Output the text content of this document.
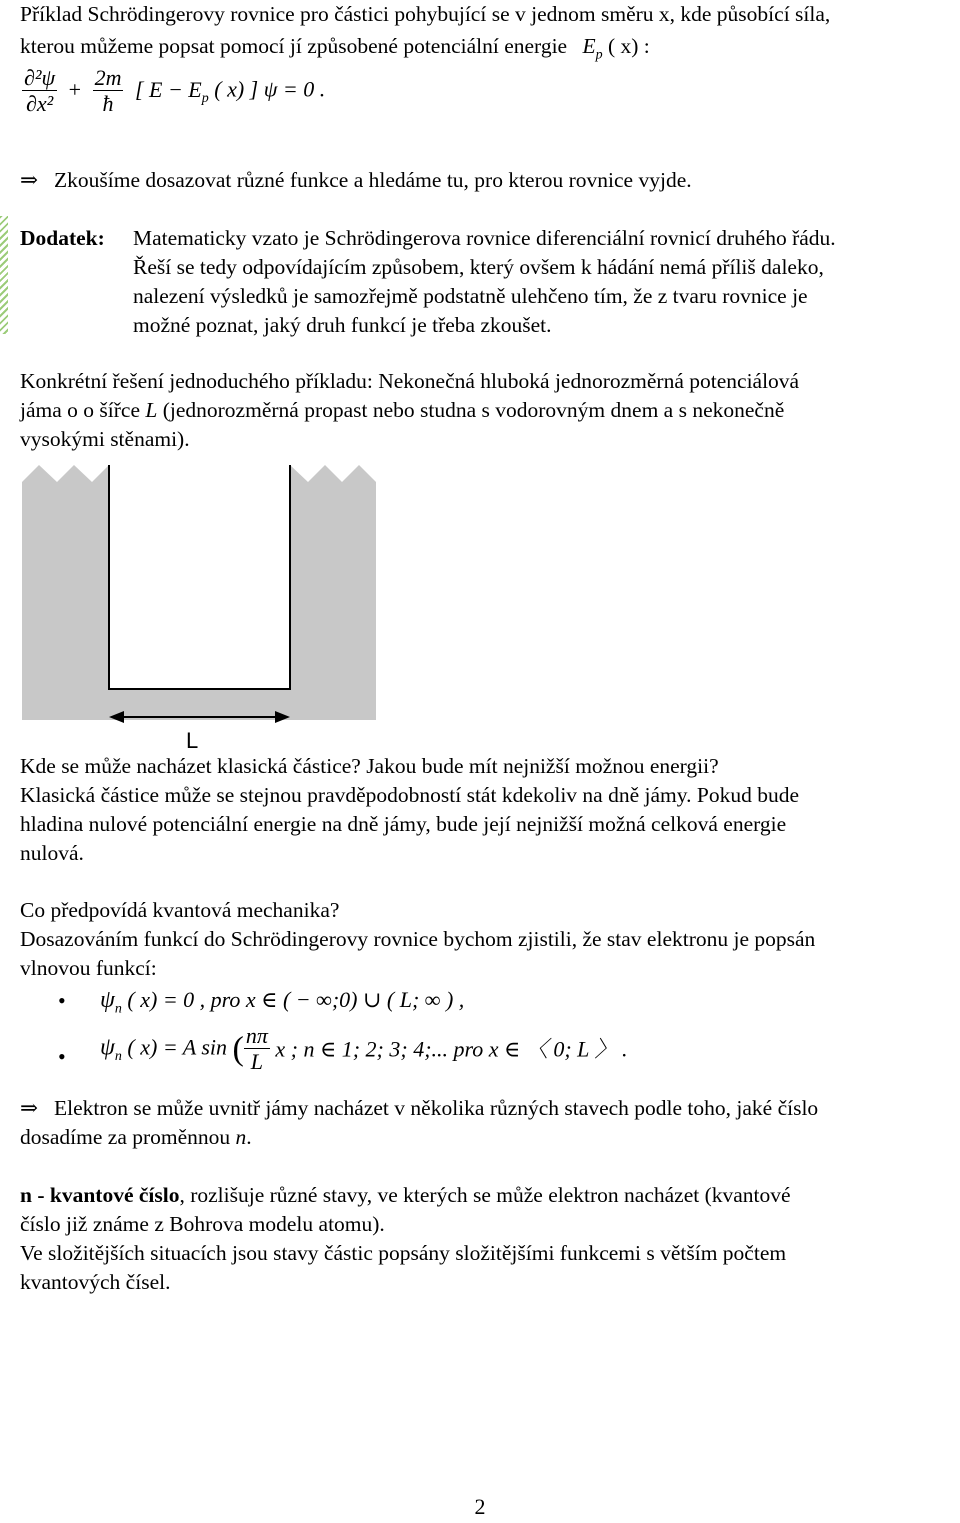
Příklad Schrödingerovy rovnice pro částici pohybující se v jednom směru x, kde působící síla,
kterou můžeme popsat pomocí jí způsobené potenciální energie $E_p$ ( x) :
$\frac{\text{∂²ψ}}{\text{∂x²}} + \frac{2m}{ħ}$ [ $E - E_p$ ( x) ] ψ = 0 .
⇒ Zkoušíme dosazovat různé funkce a hledáme tu, pro kterou rovnice vyjde.
Dodatek: Matematicky vzato je Schrödingerova rovnice diferenciální rovnicí druhého řádu.
Řeší se tedy odpovídajícím způsobem, který ovšem k hádání nemá příliš daleko,
nalezení výsledků je samozřejmě podstatně ulehčeno tím, že z tvaru rovnice je
možné poznat, jaký druh funkcí je třeba zkoušet.
Konkrétní řešení jednoduchého příkladu: Nekonečná hluboká jednorozměrná potenciálová
jáma o o šířce L (jednorozměrná propast nebo studna s vodorovným dnem a s nekonečně
vysokými stěnami).
L
Kde se může nacházet klasická částice? Jakou bude mít nejnižší možnou energii?
Klasická částice může se stejnou pravděpodobností stát kdekoliv na dně jámy. Pokud bude
hladina nulové potenciální energie na dně jámy, bude její nejnižší možná celková energie
nulová.
Co předpovídá kvantová mechanika?
Dosazováním funkcí do Schrödingerovy rovnice bychom zjistili, že stav elektronu je popsán
vlnovou funkcí:
• $\psi_n$ ( x) = 0 , pro x ∈ ( − ∞;0) ∪ ( L; ∞ ) ,
• $\psi_n$ ( x) = A sin ( $\frac{n\pi}{L}$ x ; n ∈ 1; 2; 3; 4;... pro x ∈ 〈 0; L 〉 .
⇒ Elektron se může uvnitř jámy nacházet v několika různých stavech podle toho, jaké číslo
dosadíme za proměnnou n.
n - kvantové číslo, rozlišuje různé stavy, ve kterých se může elektron nacházet (kvantové
číslo již známe z Bohrova modelu atomu).
Ve složitějších situacích jsou stavy částic popsány složitějšími funkcemi s větším počtem
kvantových čísel.
2
